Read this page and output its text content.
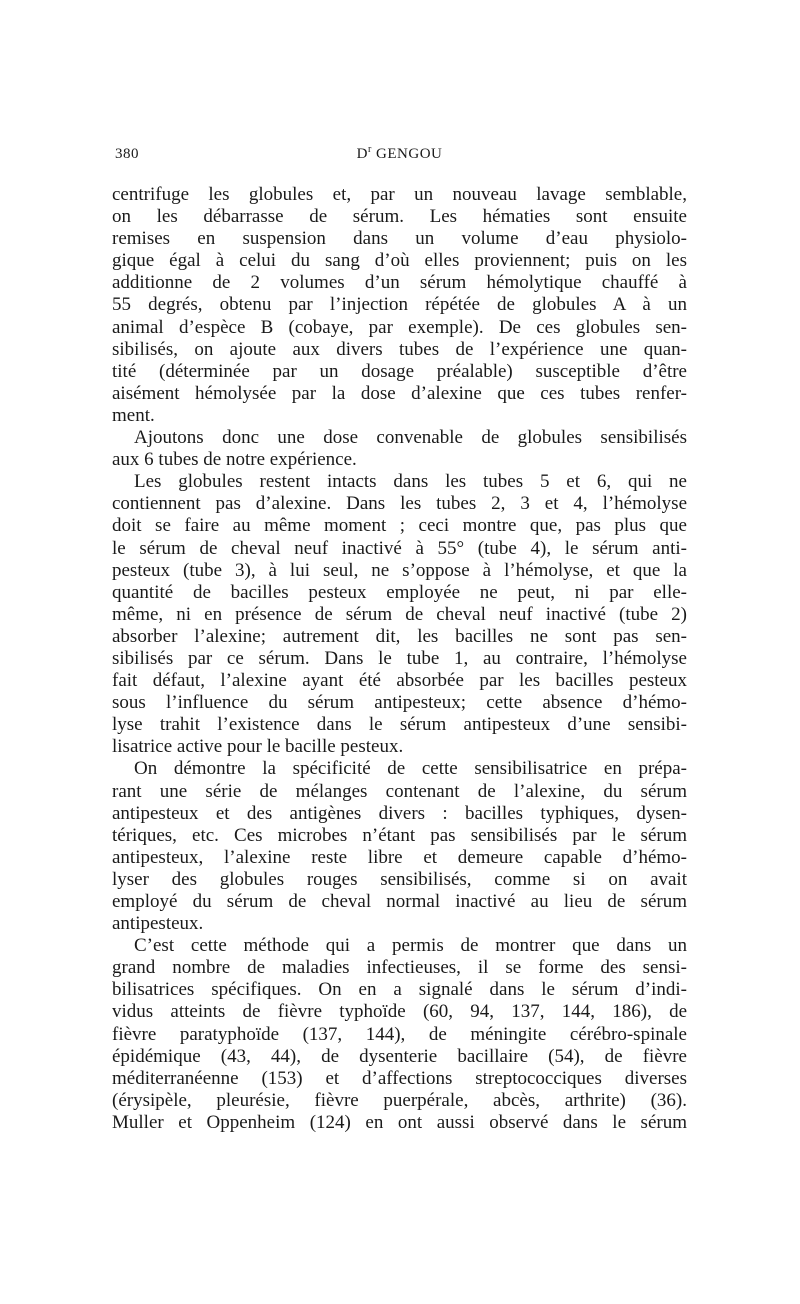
380	$D^r$ GENGOU
centrifuge les globules et, par un nouveau lavage semblable,
on les débarrasse de sérum. Les hématies sont ensuite
remises en suspension dans un volume d’eau physiolo-
gique égal à celui du sang d’où elles proviennent; puis on les
additionne de 2 volumes d’un sérum hémolytique chauffé à
55 degrés, obtenu par l’injection répétée de globules A à un
animal d’espèce B (cobaye, par exemple). De ces globules sen-
sibilisés, on ajoute aux divers tubes de l’expérience une quan-
tité (déterminée par un dosage préalable) susceptible d’être
aisément hémolysée par la dose d’alexine que ces tubes renfer-
ment.
Ajoutons donc une dose convenable de globules sensibilisés
aux 6 tubes de notre expérience.
Les globules restent intacts dans les tubes 5 et 6, qui ne
contiennent pas d’alexine. Dans les tubes 2, 3 et 4, l’hémolyse
doit se faire au même moment ; ceci montre que, pas plus que
le sérum de cheval neuf inactivé à 55° (tube 4), le sérum anti-
pesteux (tube 3), à lui seul, ne s’oppose à l’hémolyse, et que la
quantité de bacilles pesteux employée ne peut, ni par elle-
même, ni en présence de sérum de cheval neuf inactivé (tube 2)
absorber l’alexine; autrement dit, les bacilles ne sont pas sen-
sibilisés par ce sérum. Dans le tube 1, au contraire, l’hémolyse
fait défaut, l’alexine ayant été absorbée par les bacilles pesteux
sous l’influence du sérum antipesteux; cette absence d’hémo-
lyse trahit l’existence dans le sérum antipesteux d’une sensibi-
lisatrice active pour le bacille pesteux.
On démontre la spécificité de cette sensibilisatrice en prépa-
rant une série de mélanges contenant de l’alexine, du sérum
antipesteux et des antigènes divers : bacilles typhiques, dysen-
tériques, etc. Ces microbes n’étant pas sensibilisés par le sérum
antipesteux, l’alexine reste libre et demeure capable d’hémo-
lyser des globules rouges sensibilisés, comme si on avait
employé du sérum de cheval normal inactivé au lieu de sérum
antipesteux.
C’est cette méthode qui a permis de montrer que dans un
grand nombre de maladies infectieuses, il se forme des sensi-
bilisatrices spécifiques. On en a signalé dans le sérum d’indi-
vidus atteints de fièvre typhoïde (60, 94, 137, 144, 186), de
fièvre paratyphoïde (137, 144), de méningite cérébro-spinale
épidémique (43, 44), de dysenterie bacillaire (54), de fièvre
méditerranéenne (153) et d’affections streptococciques diverses
(érysipèle, pleurésie, fièvre puerpérale, abcès, arthrite) (36).
Muller et Oppenheim (124) en ont aussi observé dans le sérum
